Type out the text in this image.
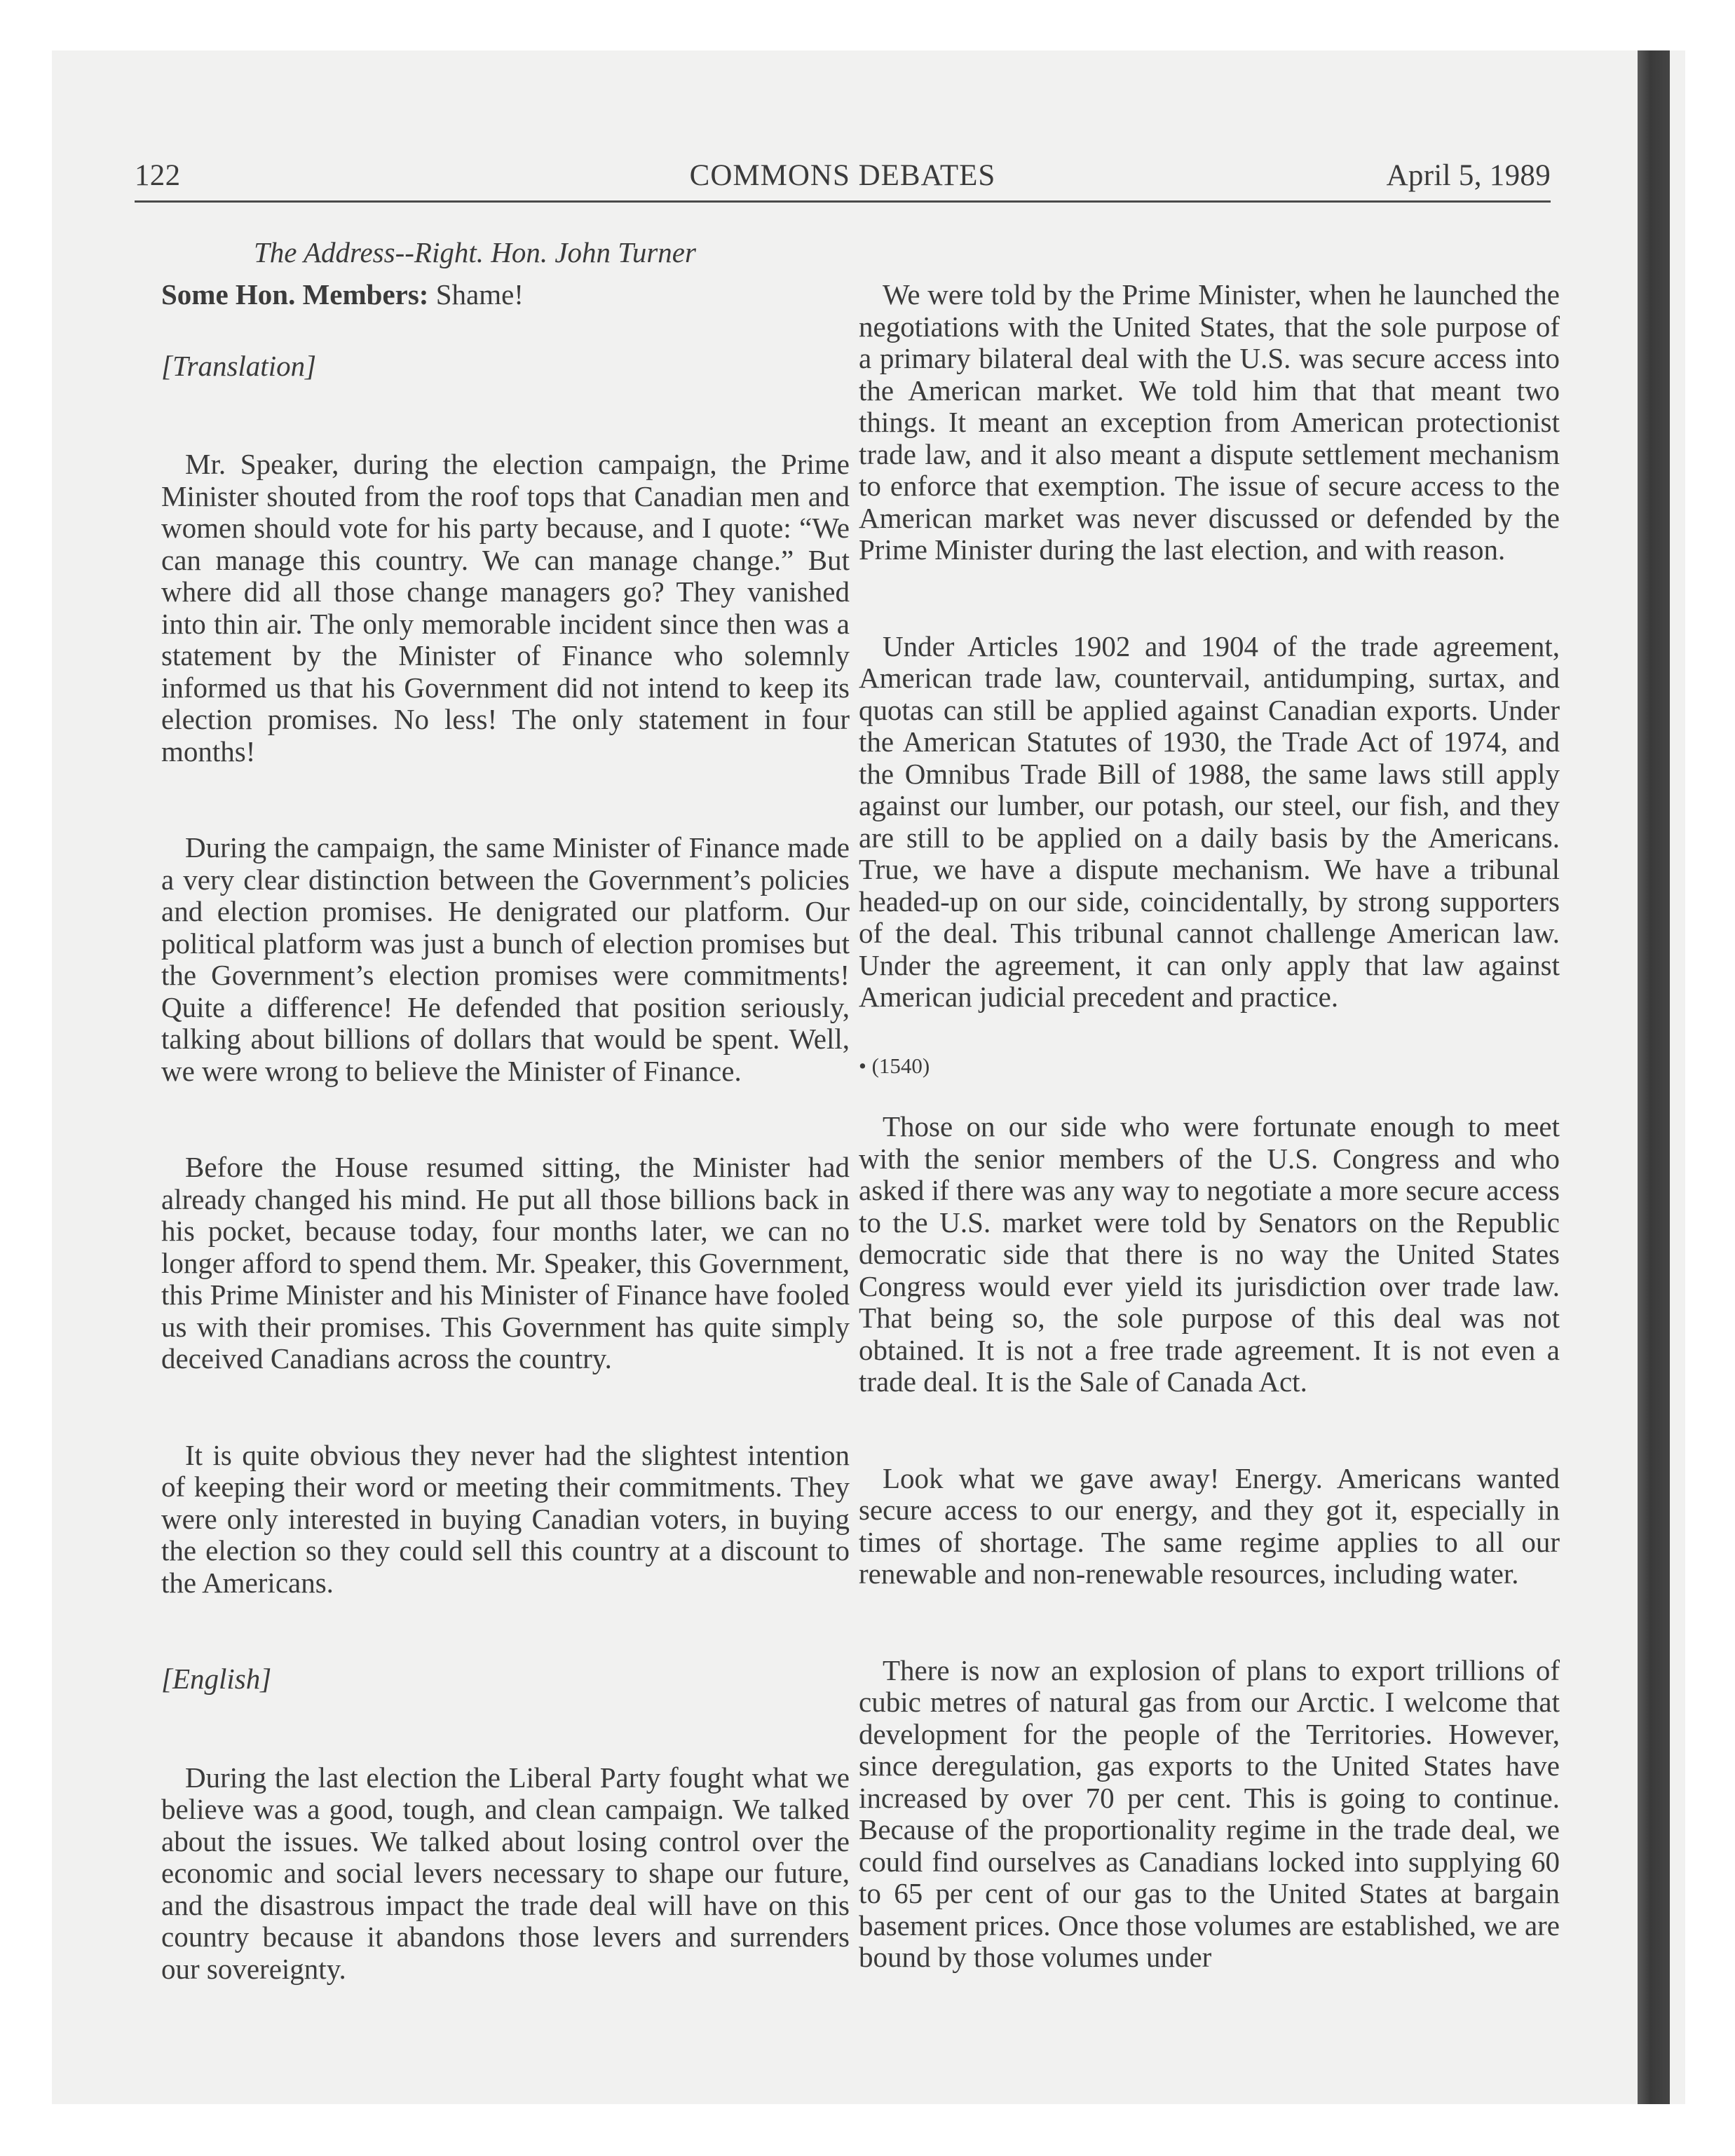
122	COMMONS DEBATES	April 5, 1989
The Address--Right. Hon. John Turner

Some Hon. Members: Shame!

[Translation]

Mr. Speaker, during the election campaign, the Prime Minister shouted from the roof tops that Canadian men and women should vote for his party because, and I quote: “We can manage this country. We can manage change.” But where did all those change managers go? They vanished into thin air. The only memorable incident since then was a statement by the Minister of Finance who solemnly informed us that his Government did not intend to keep its election promises. No less! The only statement in four months!

During the campaign, the same Minister of Finance made a very clear distinction between the Government’s policies and election promises. He denigrated our platform. Our political platform was just a bunch of election promises but the Government’s election promises were commitments! Quite a difference! He defended that position seriously, talking about billions of dollars that would be spent. Well, we were wrong to believe the Minister of Finance.

Before the House resumed sitting, the Minister had already changed his mind. He put all those billions back in his pocket, because today, four months later, we can no longer afford to spend them. Mr. Speaker, this Government, this Prime Minister and his Minister of Finance have fooled us with their promises. This Government has quite simply deceived Canadians across the country.

It is quite obvious they never had the slightest intention of keeping their word or meeting their commitments. They were only interested in buying Canadian voters, in buying the election so they could sell this country at a discount to the Americans.

[English]

During the last election the Liberal Party fought what we believe was a good, tough, and clean campaign. We talked about the issues. We talked about losing control over the economic and social levers necessary to shape our future, and the disastrous impact the trade deal will have on this country because it abandons those levers and surrenders our sovereignty.

We were told by the Prime Minister, when he launched the negotiations with the United States, that the sole purpose of a primary bilateral deal with the U.S. was secure access into the American market. We told him that that meant two things. It meant an exception from American protectionist trade law, and it also meant a dispute settlement mechanism to enforce that exemption. The issue of secure access to the American market was never discussed or defended by the Prime Minister during the last election, and with reason.

Under Articles 1902 and 1904 of the trade agreement, American trade law, countervail, antidumping, surtax, and quotas can still be applied against Canadian exports. Under the American Statutes of 1930, the Trade Act of 1974, and the Omnibus Trade Bill of 1988, the same laws still apply against our lumber, our potash, our steel, our fish, and they are still to be applied on a daily basis by the Americans. True, we have a dispute mechanism. We have a tribunal headed-up on our side, coincidentally, by strong supporters of the deal. This tribunal cannot challenge American law. Under the agreement, it can only apply that law against American judicial precedent and practice.

• (1540)

Those on our side who were fortunate enough to meet with the senior members of the U.S. Congress and who asked if there was any way to negotiate a more secure access to the U.S. market were told by Senators on the Republic democratic side that there is no way the United States Congress would ever yield its jurisdiction over trade law. That being so, the sole purpose of this deal was not obtained. It is not a free trade agreement. It is not even a trade deal. It is the Sale of Canada Act.

Look what we gave away! Energy. Americans wanted secure access to our energy, and they got it, especially in times of shortage. The same regime applies to all our renewable and non-renewable resources, including water.

There is now an explosion of plans to export trillions of cubic metres of natural gas from our Arctic. I welcome that development for the people of the Territories. However, since deregulation, gas exports to the United States have increased by over 70 per cent. This is going to continue. Because of the proportionality regime in the trade deal, we could find ourselves as Canadians locked into supplying 60 to 65 per cent of our gas to the United States at bargain basement prices. Once those volumes are established, we are bound by those volumes under
